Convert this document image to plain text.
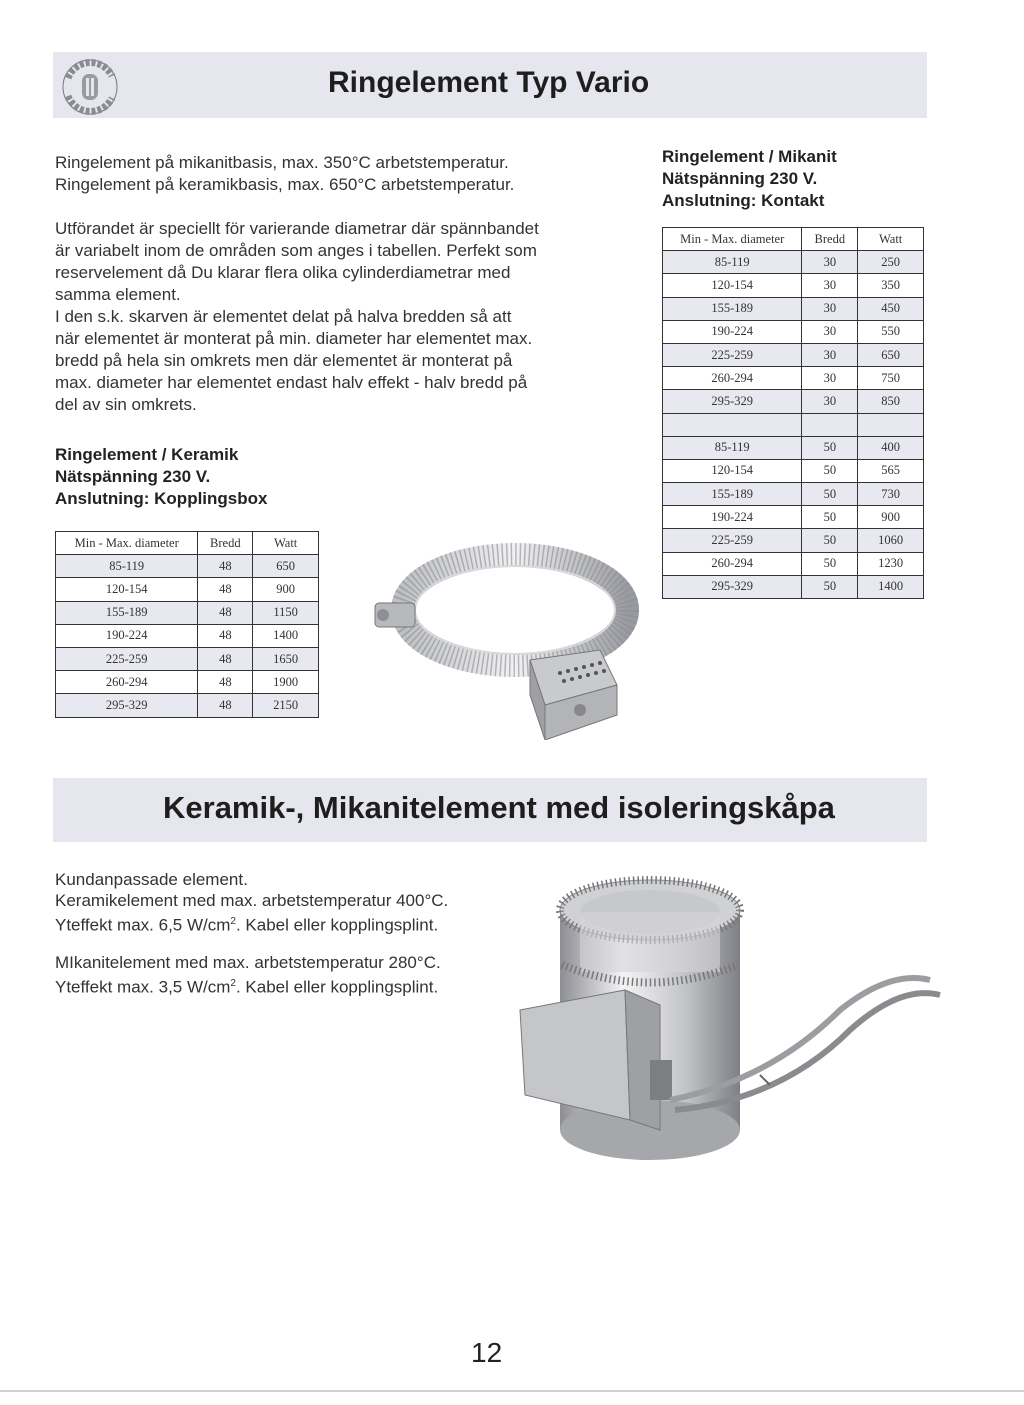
Ringelement Typ Vario
Ringelement på mikanitbasis, max. 350°C arbetstemperatur.
Ringelement på keramikbasis, max. 650°C arbetstemperatur.
Utförandet är speciellt för varierande diametrar där spännbandet
är variabelt inom de områden som anges i tabellen. Perfekt som
reservelement då Du klarar flera olika cylinderdiametrar med
samma element.
I den s.k. skarven är elementet delat på halva bredden så att
när elementet är monterat på min. diameter har elementet max.
bredd på hela sin omkrets men där elementet är monterat på
max. diameter har elementet endast halv effekt - halv bredd på
del av sin omkrets.
Ringelement / Mikanit
Nätspänning 230 V.
Anslutning: Kontakt
Min - Max. diameter	Bredd	Watt
85-119	30	250
120-154	30	350
155-189	30	450
190-224	30	550
225-259	30	650
260-294	30	750
295-329	30	850

85-119	50	400
120-154	50	565
155-189	50	730
190-224	50	900
225-259	50	1060
260-294	50	1230
295-329	50	1400
Ringelement / Keramik
Nätspänning 230 V.
Anslutning: Kopplingsbox
Min - Max. diameter	Bredd	Watt
85-119	48	650
120-154	48	900
155-189	48	1150
190-224	48	1400
225-259	48	1650
260-294	48	1900
295-329	48	2150
Keramik-, Mikanitelement med isoleringskåpa
Kundanpassade element.
Keramikelement med max. arbetstemperatur 400°C.
Yteffekt max. 6,5 $W/cm^2$. Kabel eller kopplingsplint.
MIkanitelement med max. arbetstemperatur 280°C.
Yteffekt max. 3,5 $W/cm^2$. Kabel eller kopplingsplint.
12
